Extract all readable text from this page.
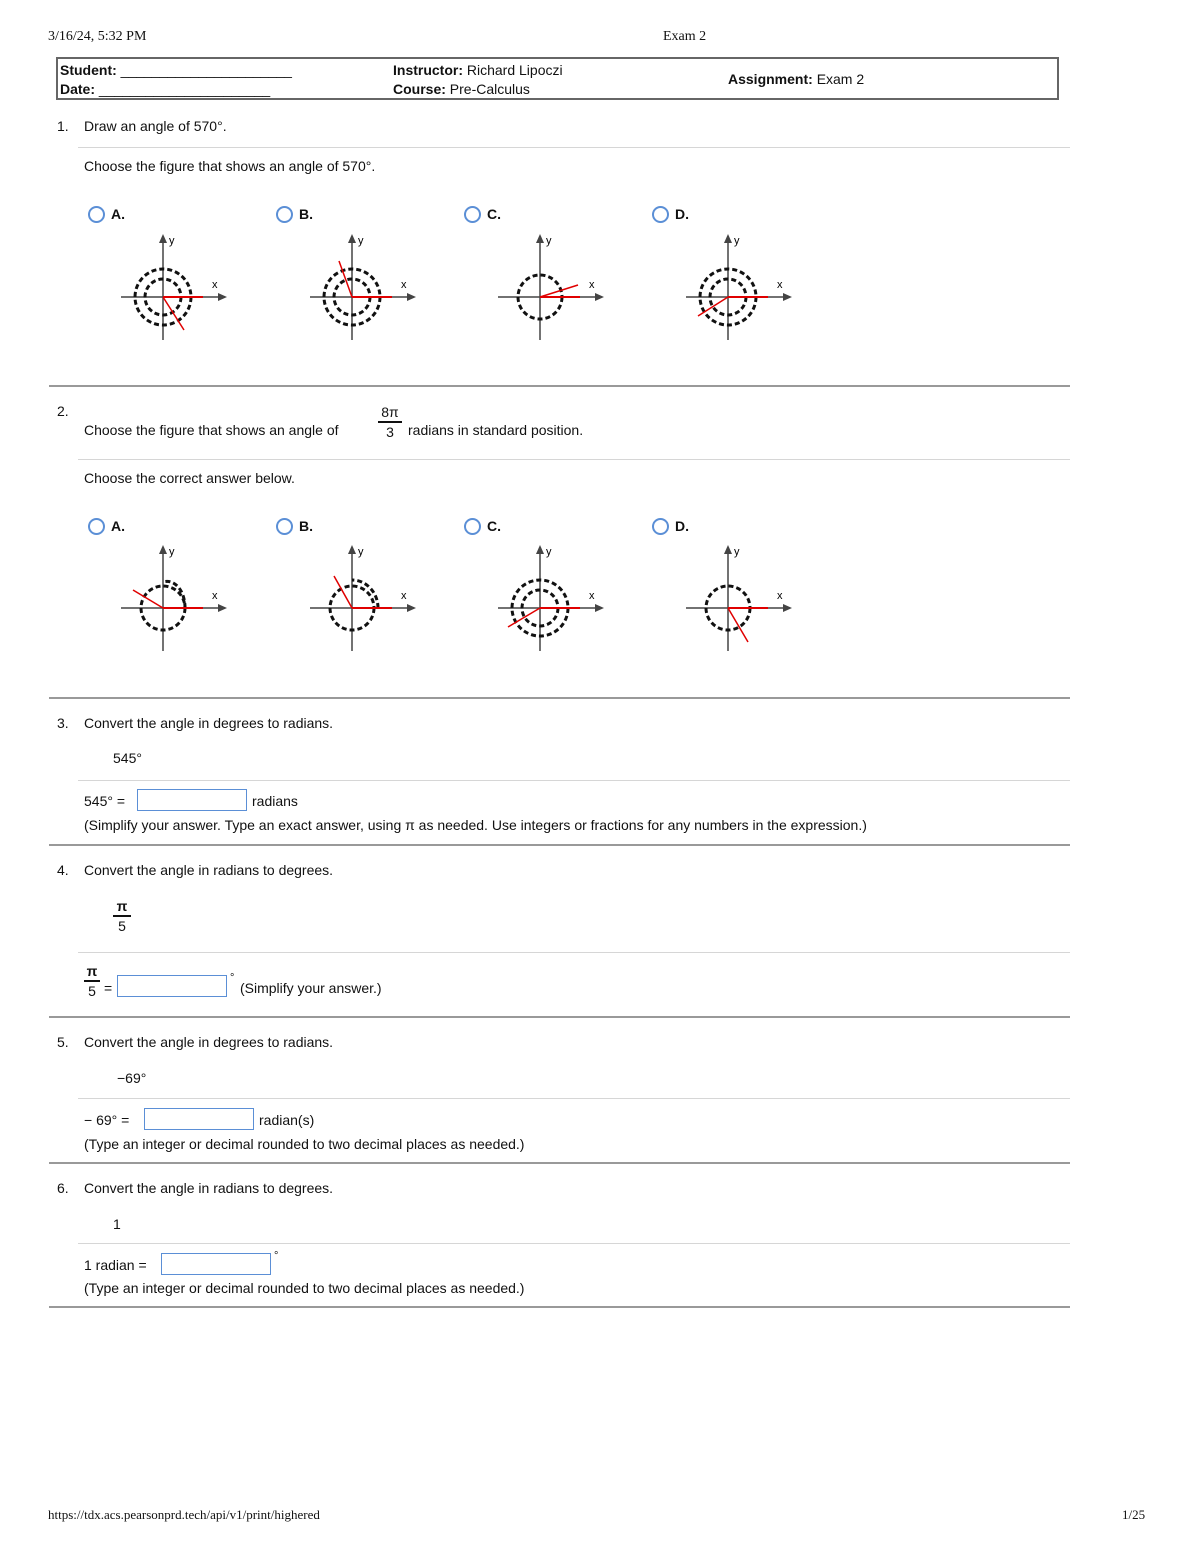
3/16/24, 5:32 PM	Exam 2
https://tdx.acs.pearsonprd.tech/api/v1/print/highered	1/25
Student: ______________________
Date: ______________________
Instructor: Richard Lipoczi
Course: Pre-Calculus
Assignment: Exam 2
1. Draw an angle of 570°.
Choose the figure that shows an angle of 570°.
A.	B.	C.	D.
y
x
y
x
y
x
y
x
2.
Choose the figure that shows an angle of
8π
3	radians in standard position.
Choose the correct answer below.
A.	B.	C.	D.
y
x
y
x
y
x
y
x
3. Convert the angle in degrees to radians.
545°
545° =	radians
(Simplify your answer. Type an exact answer, using π as needed. Use integers or fractions for any numbers in the expression.)
4. Convert the angle in radians to degrees.
π
5
π
5 =
°
(Simplify your answer.)
5. Convert the angle in degrees to radians.
−69°
− 69° =	radian(s)
(Type an integer or decimal rounded to two decimal places as needed.)
6. Convert the angle in radians to degrees.
1
1 radian =
°
(Type an integer or decimal rounded to two decimal places as needed.)
